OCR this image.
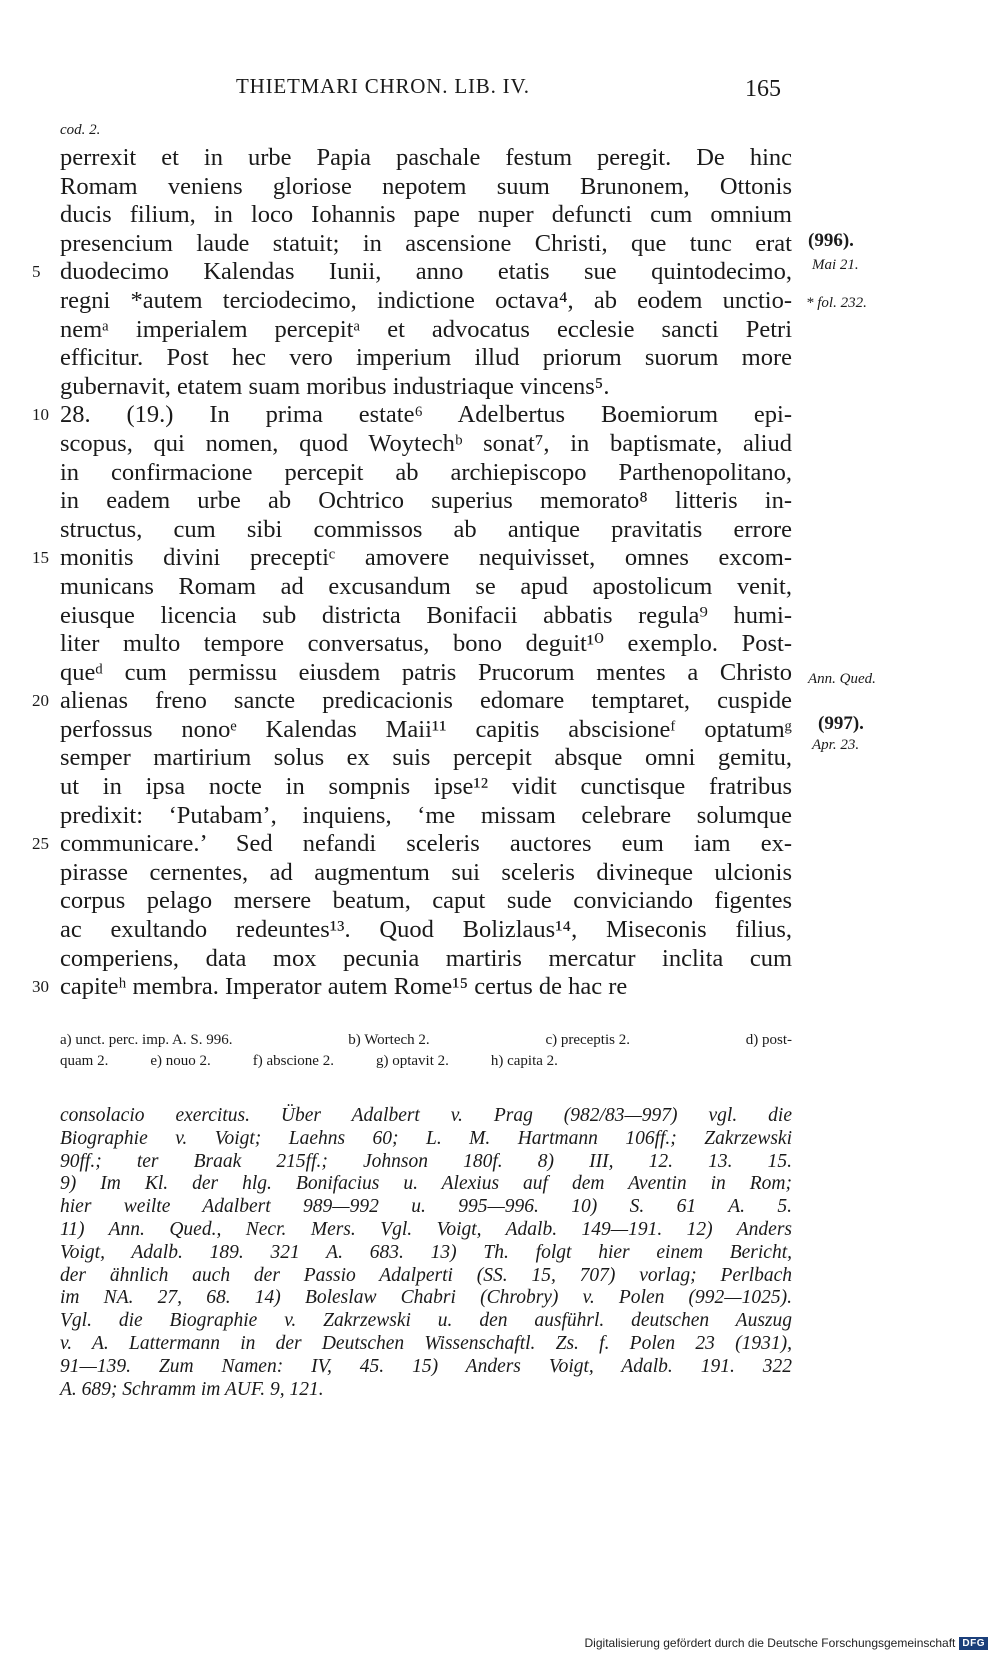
THIETMARI CHRON. LIB. IV.	165
cod. 2.
perrexit et in urbe Papia paschale festum peregit. De hinc
Romam veniens gloriose nepotem suum Brunonem, Ottonis
ducis filium, in loco Iohannis pape nuper defuncti cum omnium
presencium laude statuit; in ascensione Christi, que tunc erat
duodecimo Kalendas Iunii, anno etatis sue quintodecimo,
5
regni *autem terciodecimo, indictione octava⁴, ab eodem unctio-
nemᵃ imperialem percepitᵃ et advocatus ecclesie sancti Petri
efficitur. Post hec vero imperium illud priorum suorum more
gubernavit, etatem suam moribus industriaque vincens⁵.
28. (19.) In prima estate⁶ Adelbertus Boemiorum epi-
10
scopus, qui nomen, quod Woytechᵇ sonat⁷, in baptismate, aliud
in confirmacione percepit ab archiepiscopo Parthenopolitano,
in eadem urbe ab Ochtrico superius memorato⁸ litteris in-
structus, cum sibi commissos ab antique pravitatis errore
monitis divini preceptiᶜ amovere nequivisset, omnes excom-
15
municans Romam ad excusandum se apud apostolicum venit,
eiusque licencia sub districta Bonifacii abbatis regula⁹ humi-
liter multo tempore conversatus, bono deguit¹⁰ exemplo. Post-
queᵈ cum permissu eiusdem patris Prucorum mentes a Christo
alienas freno sancte predicacionis edomare temptaret, cuspide
20
perfossus nonoᵉ Kalendas Maii¹¹ capitis abscisioneᶠ optatumᵍ
semper martirium solus ex suis percepit absque omni gemitu,
ut in ipsa nocte in sompnis ipse¹² vidit cunctisque fratribus
predixit: ‘Putabam’, inquiens, ‘me missam celebrare solumque
communicare.’ Sed nefandi sceleris auctores eum iam ex-
25
pirasse cernentes, ad augmentum sui sceleris divineque ulcionis
corpus pelago mersere beatum, caput sude conviciando figentes
ac exultando redeuntes¹³. Quod Bolizlaus¹⁴, Miseconis filius,
comperiens, data mox pecunia martiris mercatur inclita cum
capiteʰ membra. Imperator autem Rome¹⁵ certus de hac re
30
(996).
Mai 21.
* fol. 232.
Ann. Qued.
(997).
Apr. 23.
a) unct. perc. imp. A. S. 996.	b) Wortech 2.	c) preceptis 2.	d) post-
quam 2.	e) nouo 2.	f) abscione 2.	g) optavit 2.	h) capita 2.
consolacio exercitus. Über Adalbert v. Prag (982/83—997) vgl. die
Biographie v. Voigt; Laehns 60; L. M. Hartmann 106ff.; Zakrzewski
90ff.; ter Braak 215ff.; Johnson 180f. 8) III, 12. 13. 15.
9) Im Kl. der hlg. Bonifacius u. Alexius auf dem Aventin in Rom;
hier weilte Adalbert 989—992 u. 995—996. 10) S. 61 A. 5.
11) Ann. Qued., Necr. Mers. Vgl. Voigt, Adalb. 149—191. 12) Anders
Voigt, Adalb. 189. 321 A. 683. 13) Th. folgt hier einem Bericht,
der ähnlich auch der Passio Adalperti (SS. 15, 707) vorlag; Perlbach
im NA. 27, 68. 14) Boleslaw Chabri (Chrobry) v. Polen (992—1025).
Vgl. die Biographie v. Zakrzewski u. den ausführl. deutschen Auszug
v. A. Lattermann in der Deutschen Wissenschaftl. Zs. f. Polen 23 (1931),
91—139. Zum Namen: IV, 45. 15) Anders Voigt, Adalb. 191. 322
A. 689; Schramm im AUF. 9, 121.
Digitalisierung gefördert durch die Deutsche Forschungsgemeinschaft DFG
